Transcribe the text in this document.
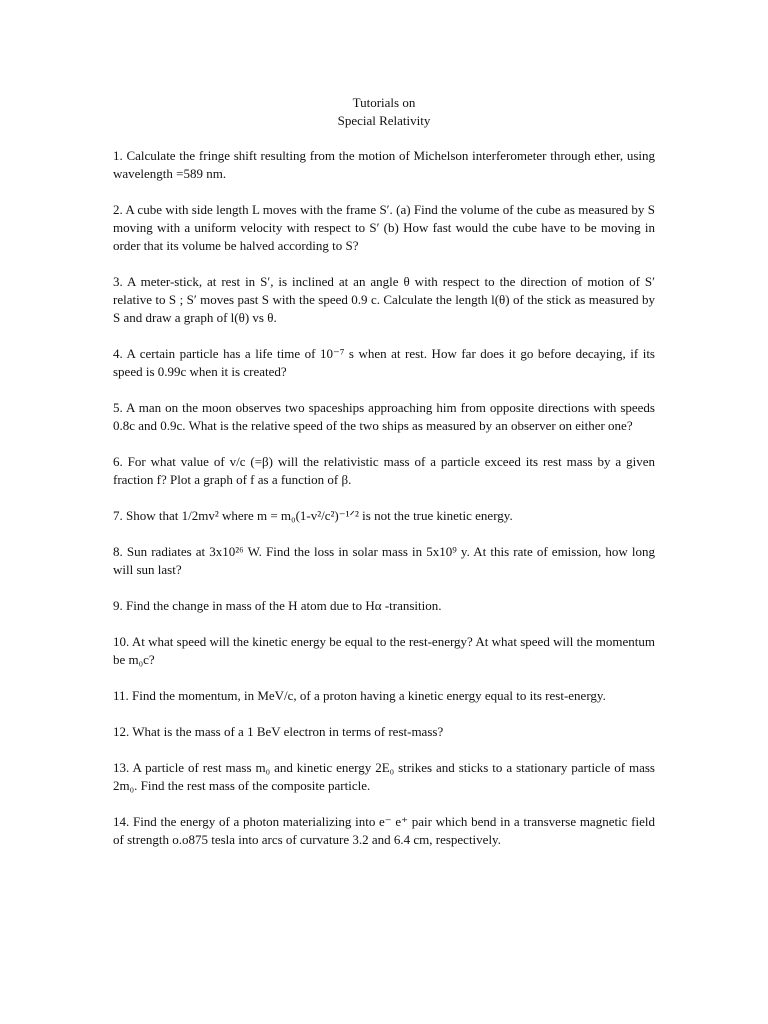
Tutorials on
Special Relativity
1. Calculate the fringe shift resulting from the motion of Michelson interferometer through ether, using wavelength =589 nm.
2. A cube with side length L moves with the frame S′. (a) Find the volume of the cube as measured by S moving with a uniform velocity with respect to S′ (b) How fast would the cube have to be moving in order that its volume be halved according to S?
3. A meter-stick, at rest in S′, is inclined at an angle θ with respect to the direction of motion of S′ relative to S ; S′ moves past S with the speed 0.9 c. Calculate the length l(θ) of the stick as measured by S and draw a graph of l(θ) vs θ.
4. A certain particle has a life time of 10⁻⁷ s when at rest. How far does it go before decaying, if its speed is 0.99c when it is created?
5. A man on the moon observes two spaceships approaching him from opposite directions with speeds 0.8c and 0.9c. What is the relative speed of the two ships as measured by an observer on either one?
6. For what value of v/c (=β) will the relativistic mass of a particle exceed its rest mass by a given fraction f? Plot a graph of f as a function of β.
7. Show that 1/2mv² where m = m₀(1-v²/c²)⁻¹ᐟ² is not the true kinetic energy.
8. Sun radiates at 3x10²⁶ W. Find the loss in solar mass in 5x10⁹ y. At this rate of emission, how long will sun last?
9. Find the change in mass of the H atom due to Hα -transition.
10. At what speed will the kinetic energy be equal to the rest-energy? At what speed will the momentum be m₀c?
11. Find the momentum, in MeV/c, of a proton having a kinetic energy equal to its rest-energy.
12. What is the mass of a 1 BeV electron in terms of rest-mass?
13. A particle of rest mass m₀ and kinetic energy 2E₀ strikes and sticks to a stationary particle of mass 2m₀. Find the rest mass of the composite particle.
14. Find the energy of a photon materializing into e⁻ e⁺ pair which bend in a transverse magnetic field of strength o.o875 tesla into arcs of curvature 3.2 and 6.4 cm, respectively.
